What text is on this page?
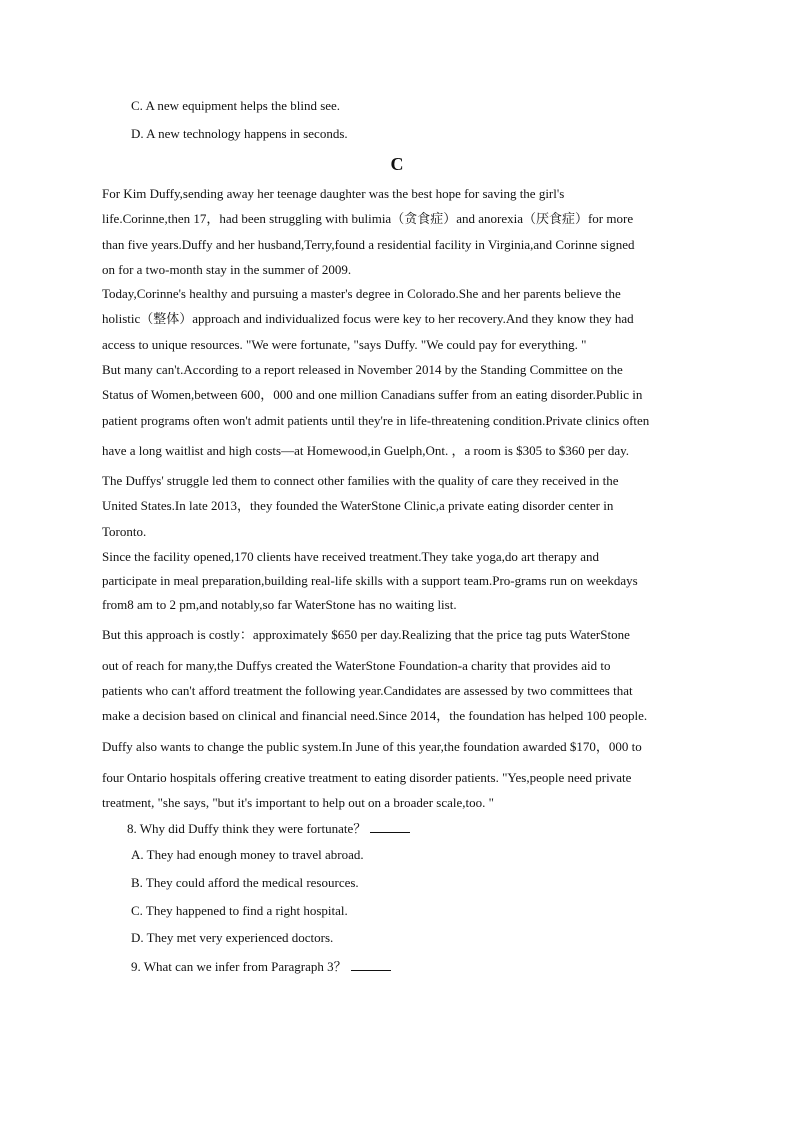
C. A new equipment helps the blind see.
D. A new technology happens in seconds.
C
For Kim Duffy,sending away her teenage daughter was the best hope for saving the girl's
life.Corinne,then 17，had been struggling with bulimia（贪食症）and anorexia（厌食症）for more
than five years.Duffy and her husband,Terry,found a residential facility in Virginia,and Corinne signed
on for a two-month stay in the summer of 2009.
Today,Corinne's healthy and pursuing a master's degree in Colorado.She and her parents believe the
holistic（整体）approach and individualized focus were key to her recovery.And they know they had
access to unique resources. "We were fortunate, "says Duffy. "We could pay for everything. "
But many can't.According to a report released in November 2014 by the Standing Committee on the
Status of Women,between 600，000 and one million Canadians suffer from an eating disorder.Public in
patient programs often won't admit patients until they're in life-threatening condition.Private clinics often
have a long waitlist and high costs—at Homewood,in Guelph,Ont. ，a room is $305 to $360 per day.
The Duffys' struggle led them to connect other families with the quality of care they received in the
United States.In late 2013，they founded the WaterStone Clinic,a private eating disorder center in
Toronto.
Since the facility opened,170 clients have received treatment.They take yoga,do art therapy and
participate in meal preparation,building real-life skills with a support team.Pro-grams run on weekdays
from8 am to 2 pm,and notably,so far WaterStone has no waiting list.
But this approach is costly：approximately $650 per day.Realizing that the price tag puts WaterStone
out of reach for many,the Duffys created the WaterStone Foundation-a charity that provides aid to
patients who can't afford treatment the following year.Candidates are assessed by two committees that
make a decision based on clinical and financial need.Since 2014，the foundation has helped 100 people.
Duffy also wants to change the public system.In June of this year,the foundation awarded $170，000 to
four Ontario hospitals offering creative treatment to eating disorder patients. "Yes,people need private
treatment, "she says, "but it's important to help out on a broader scale,too. "
8. Why did Duffy think they were fortunate？
A. They had enough money to travel abroad.
B. They could afford the medical resources.
C. They happened to find a right hospital.
D. They met very experienced doctors.
9. What can we infer from Paragraph 3？
